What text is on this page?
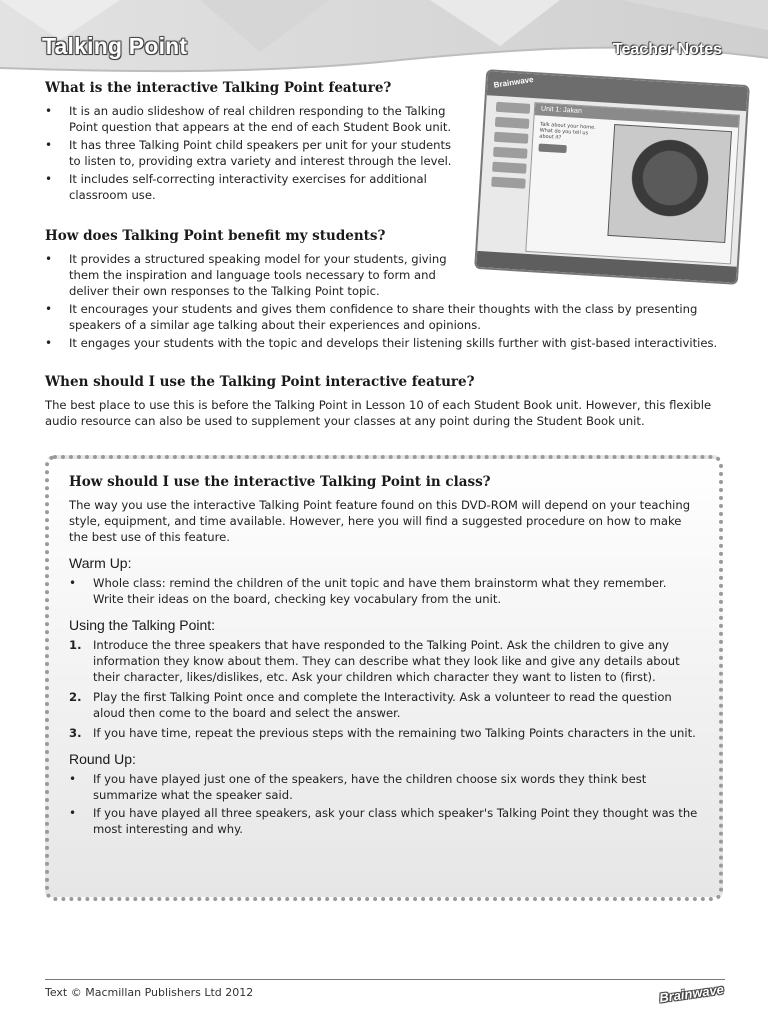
Talking Point	Teacher Notes
What is the interactive Talking Point feature?
• It is an audio slideshow of real children responding to the Talking Point question that appears at the end of each Student Book unit.
• It has three Talking Point child speakers per unit for your students to listen to, providing extra variety and interest through the level.
• It includes self-correcting interactivity exercises for additional classroom use.
Brainwave
Unit 1: Jakan
Talk about your home. What do you tell us about it?
How does Talking Point benefit my students?
• It provides a structured speaking model for your students, giving them the inspiration and language tools necessary to form and deliver their own responses to the Talking Point topic.
• It encourages your students and gives them confidence to share their thoughts with the class by presenting speakers of a similar age talking about their experiences and opinions.
• It engages your students with the topic and develops their listening skills further with gist-based interactivities.
When should I use the Talking Point interactive feature?

The best place to use this is before the Talking Point in Lesson 10 of each Student Book unit. However, this flexible audio resource can also be used to supplement your classes at any point during the Student Book unit.

How should I use the interactive Talking Point in class?

The way you use the interactive Talking Point feature found on this DVD-ROM will depend on your teaching style, equipment, and time available. However, here you will find a suggested procedure on how to make the best use of this feature.

Warm Up:
• Whole class: remind the children of the unit topic and have them brainstorm what they remember. Write their ideas on the board, checking key vocabulary from the unit.
Using the Talking Point:
1. Introduce the three speakers that have responded to the Talking Point. Ask the children to give any information they know about them. They can describe what they look like and give any details about their character, likes/dislikes, etc. Ask your children which character they want to listen to (first).
2. Play the first Talking Point once and complete the Interactivity. Ask a volunteer to read the question aloud then come to the board and select the answer.
3. If you have time, repeat the previous steps with the remaining two Talking Points characters in the unit.
Round Up:
• If you have played just one of the speakers, have the children choose six words they think best summarize what the speaker said.
• If you have played all three speakers, ask your class which speaker's Talking Point they thought was the most interesting and why.
Text © Macmillan Publishers Ltd 2012	Brainwave
